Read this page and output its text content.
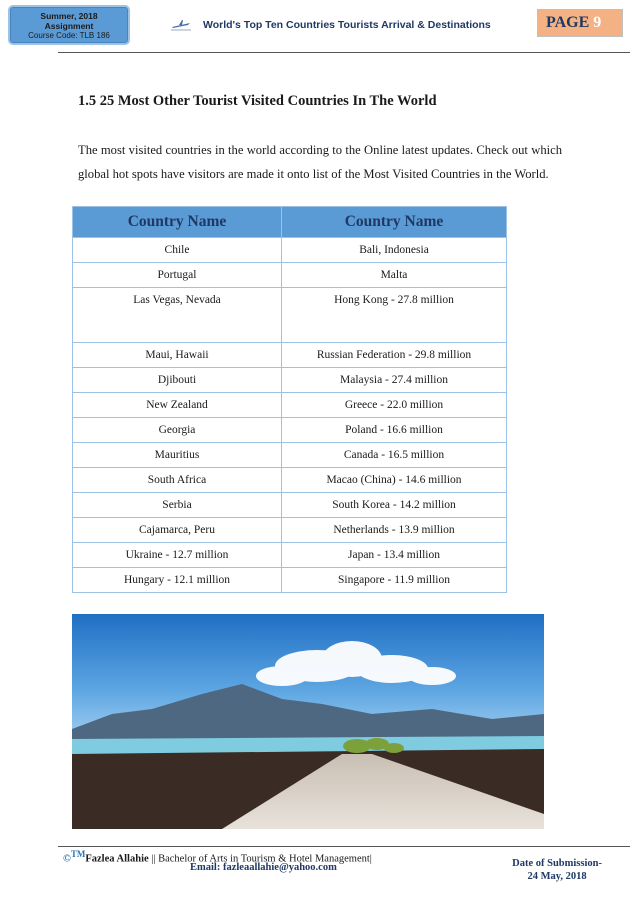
Summer, 2018
Assignment
Course Code: TLB 186
World's Top Ten Countries Tourists Arrival & Destinations	PAGE 9
1.5 25 Most Other Tourist Visited Countries In The World
The most visited countries in the world according to the Online latest updates. Check out which global hot spots have visitors are made it onto list of the Most Visited Countries in the World.
Country Name	Country Name
Chile	Bali, Indonesia
Portugal	Malta
Las Vegas, Nevada	Hong Kong - 27.8 million
Maui, Hawaii	Russian Federation - 29.8 million
Djibouti	Malaysia - 27.4 million
New Zealand	Greece - 22.0 million
Georgia	Poland - 16.6 million
Mauritius	Canada - 16.5 million
South Africa	Macao (China) - 14.6 million
Serbia	South Korea - 14.2 million
Cajamarca, Peru	Netherlands - 13.9 million
Ukraine - 12.7 million	Japan - 13.4 million
Hungary - 12.1 million	Singapore - 11.9 million
©TMFazlea Allahie || Bachelor of Arts in Tourism & Hotel Management|
Email: fazleaallahie@yahoo.com	Date of Submission-
24 May, 2018
